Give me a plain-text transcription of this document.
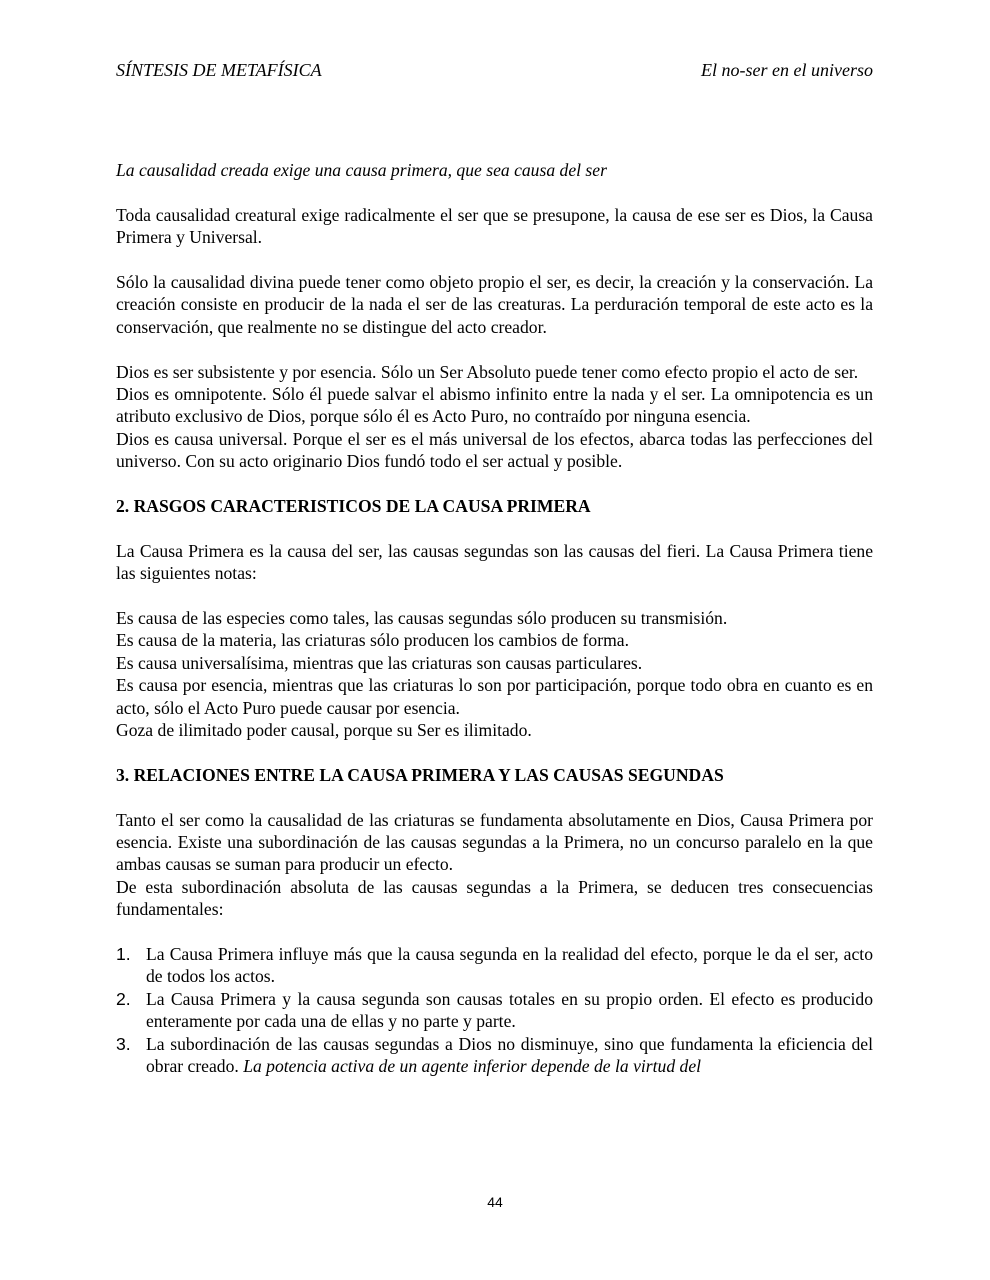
SÍNTESIS DE METAFÍSICA	El no-ser en el universo

La causalidad creada exige una causa primera, que sea causa del ser

Toda causalidad creatural exige radicalmente el ser que se presupone, la causa de ese ser es Dios, la Causa Primera y Universal.

Sólo la causalidad divina puede tener como objeto propio el ser, es decir, la creación y la conservación. La creación consiste en producir de la nada el ser de las creaturas. La perduración temporal de este acto es la conservación, que realmente no se distingue del acto creador.

Dios es ser subsistente y por esencia. Sólo un Ser Absoluto puede tener como efecto propio el acto de ser.

Dios es omnipotente. Sólo él puede salvar el abismo infinito entre la nada y el ser. La omnipotencia es un atributo exclusivo de Dios, porque sólo él es Acto Puro, no contraído por ninguna esencia.

Dios es causa universal. Porque el ser es el más universal de los efectos, abarca todas las perfecciones del universo. Con su acto originario Dios fundó todo el ser actual y posible.

2. RASGOS CARACTERISTICOS DE LA CAUSA PRIMERA

La Causa Primera es la causa del ser, las causas segundas son las causas del fieri. La Causa Primera tiene las siguientes notas:

Es causa de las especies como tales, las causas segundas sólo producen su transmisión.

Es causa de la materia, las criaturas sólo producen los cambios de forma.

Es causa universalísima, mientras que las criaturas son causas particulares.

Es causa por esencia, mientras que las criaturas lo son por participación, porque todo obra en cuanto es en acto, sólo el Acto Puro puede causar por esencia.

Goza de ilimitado poder causal, porque su Ser es ilimitado.

3. RELACIONES ENTRE LA CAUSA PRIMERA Y LAS CAUSAS SEGUNDAS

Tanto el ser como la causalidad de las criaturas se fundamenta absolutamente en Dios, Causa Primera por esencia. Existe una subordinación de las causas segundas a la Primera, no un concurso paralelo en la que ambas causas se suman para producir un efecto.

De esta subordinación absoluta de las causas segundas a la Primera, se deducen tres consecuencias fundamentales:

1. La Causa Primera influye más que la causa segunda en la realidad del efecto, porque le da el ser, acto de todos los actos.
2. La Causa Primera y la causa segunda son causas totales en su propio orden. El efecto es producido enteramente por cada una de ellas y no parte y parte.
3. La subordinación de las causas segundas a Dios no disminuye, sino que fundamenta la eficiencia del obrar creado. La potencia activa de un agente inferior depende de la virtud del
44
